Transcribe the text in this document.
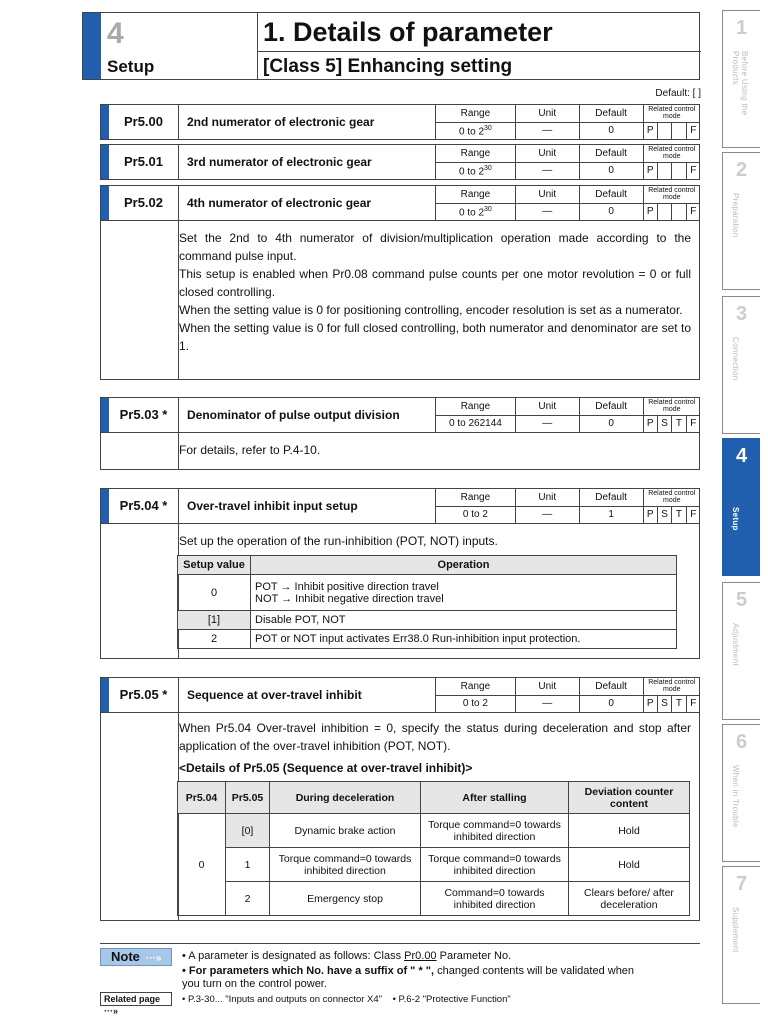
4
Setup
1. Details of parameter
[Class 5] Enhancing setting
Default: [ ]
1
Before Using the Products
2
Preparation
3
Connection
4
Setup
5
Adjustment
6
When in Trouble
7
Supplement
Pr5.00	2nd numerator of electronic gear
Range	Unit	Default	Related control mode
0 to $2^{30}$	—	0	P F
Pr5.01	3rd numerator of electronic gear
Range	Unit	Default	Related control mode
0 to $2^{30}$	—	0	P F
Pr5.02	4th numerator of electronic gear
Range	Unit	Default	Related control mode
0 to $2^{30}$	—	0	P F

Set the 2nd to 4th numerator of division/multiplication operation made according to the command pulse input.

This setup is enabled when Pr0.08 command pulse counts per one motor revolution = 0 or full closed controlling.

When the setting value is 0 for positioning controlling, encoder resolution is set as a numerator.

When the setting value is 0 for full closed controlling, both numerator and denominator are set to 1.

Pr5.03 *	Denominator of pulse output division
Range	Unit	Default	Related control mode
0 to 262144	—	0	P S T F
For details, refer to P.4-10.
Pr5.04 *	Over-travel inhibit input setup
Range	Unit	Default	Related control mode
0 to 2	—	1	P S T F
Set up the operation of the run-inhibition (POT, NOT) inputs.
Setup value	Operation
0	POT → Inhibit positive direction travel
NOT → Inhibit negative direction travel

[1]	Disable POT, NOT
2	POT or NOT input activates Err38.0 Run-inhibition input protection.
Pr5.05 *	Sequence at over-travel inhibit
Range	Unit	Default	Related control mode
0 to 2	—	0	P S T F
When Pr5.04 Over-travel inhibition = 0, specify the status during deceleration and stop after application of the over-travel inhibition (POT, NOT).
<Details of Pr5.05 (Sequence at over-travel inhibit)>
Pr5.04	Pr5.05	During deceleration	After stalling	Deviation counter content
0	[0]	Dynamic brake action	Torque command=0 towards inhibited direction	Hold
	1	Torque command=0 towards inhibited direction	Torque command=0 towards inhibited direction	Hold
	2	Emergency stop	Command=0 towards inhibited direction	Clears before/ after deceleration
Note ···»	• A parameter is designated as follows: Class Pr0.00 Parameter No.
• For parameters which No. have a suffix of " * ", changed contents will be validated when
you turn on the control power.
Related page ···»
• P.3-30... "Inputs and outputs on connector X4" • P.6-2 "Protective Function"
